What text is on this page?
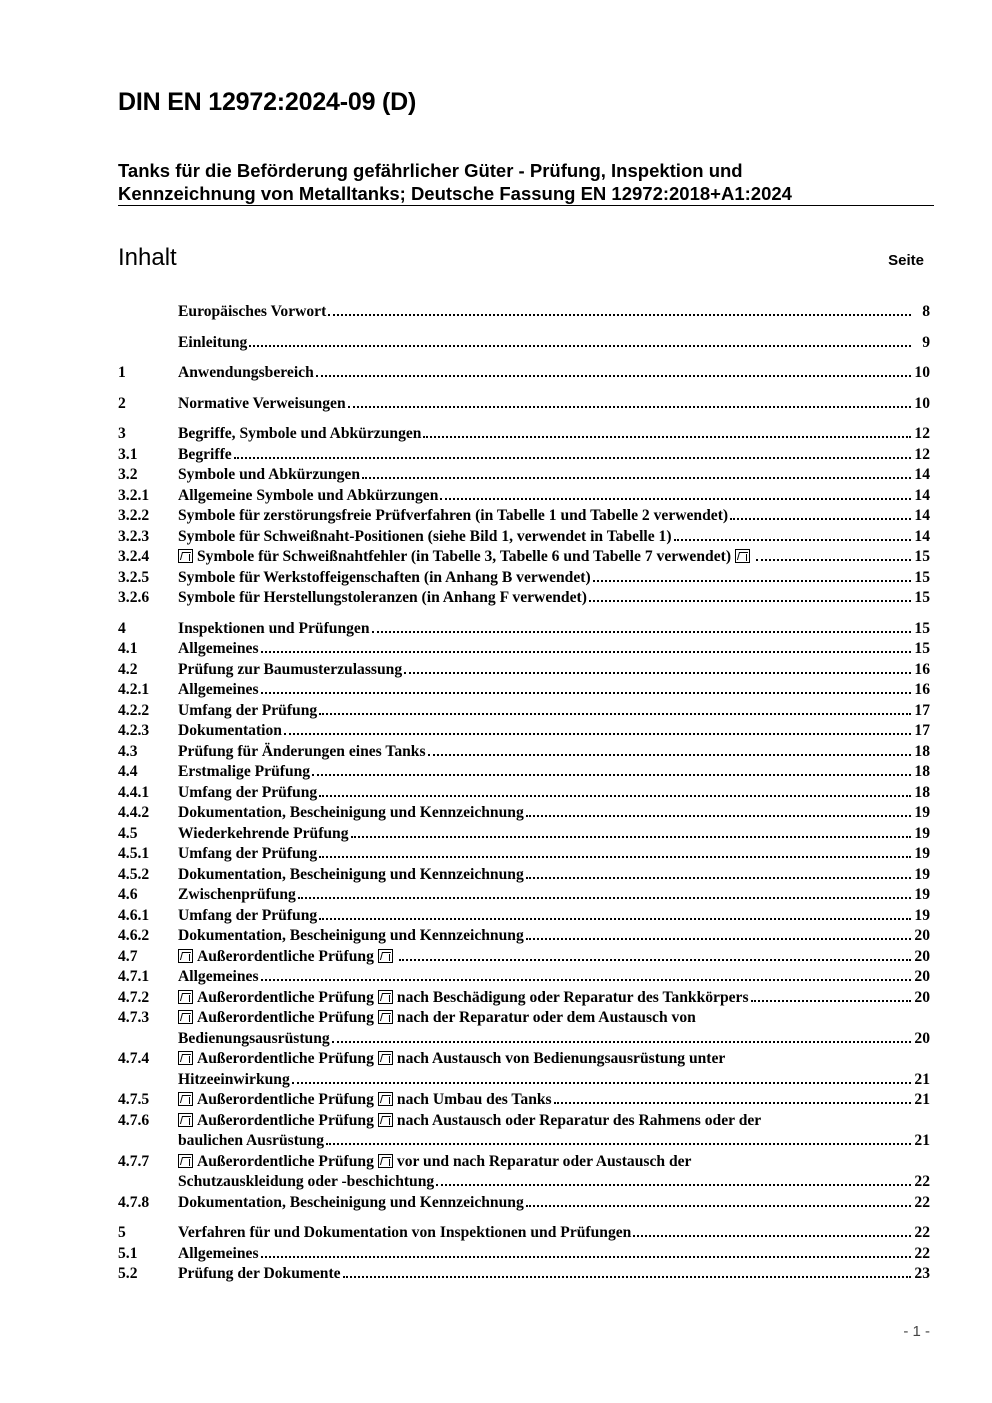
DIN EN 12972:2024-09 (D)
Tanks für die Beförderung gefährlicher Güter - Prüfung, Inspektion und
Kennzeichnung von Metalltanks; Deutsche Fassung EN 12972:2018+A1:2024
Inhalt	Seite
Europäisches Vorwort	8
Einleitung	9
1	Anwendungsbereich	10
2	Normative Verweisungen	10
3	Begriffe, Symbole und Abkürzungen	12
3.1	Begriffe	12
3.2	Symbole und Abkürzungen	14
3.2.1	Allgemeine Symbole und Abkürzungen	14
3.2.2	Symbole für zerstörungsfreie Prüfverfahren (in Tabelle 1 und Tabelle 2 verwendet)	14
3.2.3	Symbole für Schweißnaht-Positionen (siehe Bild 1, verwendet in Tabelle 1)	14
3.2.4	Symbole für Schweißnahtfehler (in Tabelle 3, Tabelle 6 und Tabelle 7 verwendet)	15
3.2.5	Symbole für Werkstoffeigenschaften (in Anhang B verwendet)	15
3.2.6	Symbole für Herstellungstoleranzen (in Anhang F verwendet)	15
4	Inspektionen und Prüfungen	15
4.1	Allgemeines	15
4.2	Prüfung zur Baumusterzulassung	16
4.2.1	Allgemeines	16
4.2.2	Umfang der Prüfung	17
4.2.3	Dokumentation	17
4.3	Prüfung für Änderungen eines Tanks	18
4.4	Erstmalige Prüfung	18
4.4.1	Umfang der Prüfung	18
4.4.2	Dokumentation, Bescheinigung und Kennzeichnung	19
4.5	Wiederkehrende Prüfung	19
4.5.1	Umfang der Prüfung	19
4.5.2	Dokumentation, Bescheinigung und Kennzeichnung	19
4.6	Zwischenprüfung	19
4.6.1	Umfang der Prüfung	19
4.6.2	Dokumentation, Bescheinigung und Kennzeichnung	20
4.7	Außerordentliche Prüfung	20
4.7.1	Allgemeines	20
4.7.2	Außerordentliche Prüfung nach Beschädigung oder Reparatur des Tankkörpers	20
4.7.3	Außerordentliche Prüfung nach der Reparatur oder dem Austausch von
Bedienungsausrüstung	20
4.7.4	Außerordentliche Prüfung nach Austausch von Bedienungsausrüstung unter
Hitzeeinwirkung	21
4.7.5	Außerordentliche Prüfung nach Umbau des Tanks	21
4.7.6	Außerordentliche Prüfung nach Austausch oder Reparatur des Rahmens oder der
baulichen Ausrüstung	21
4.7.7	Außerordentliche Prüfung vor und nach Reparatur oder Austausch der
Schutzauskleidung oder -beschichtung	22
4.7.8	Dokumentation, Bescheinigung und Kennzeichnung	22
5	Verfahren für und Dokumentation von Inspektionen und Prüfungen	22
5.1	Allgemeines	22
5.2	Prüfung der Dokumente	23
- 1 -
